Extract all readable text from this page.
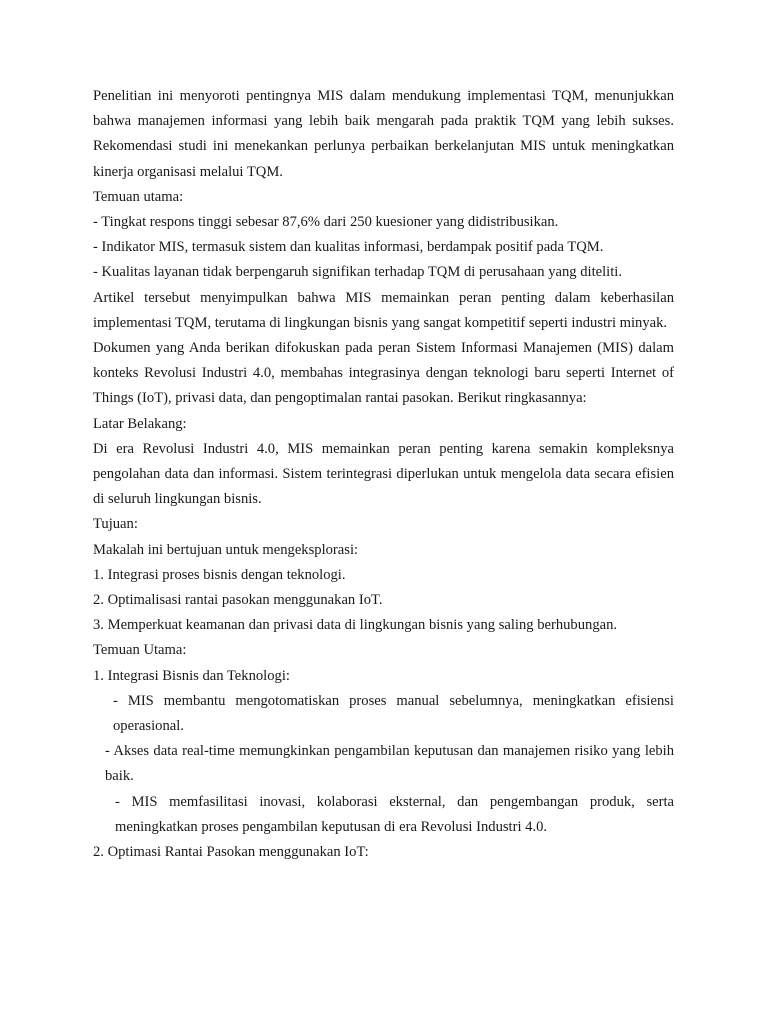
Penelitian ini menyoroti pentingnya MIS dalam mendukung implementasi TQM, menunjukkan bahwa manajemen informasi yang lebih baik mengarah pada praktik TQM yang lebih sukses. Rekomendasi studi ini menekankan perlunya perbaikan berkelanjutan MIS untuk meningkatkan kinerja organisasi melalui TQM.

Temuan utama:

- Tingkat respons tinggi sebesar 87,6% dari 250 kuesioner yang didistribusikan.

- Indikator MIS, termasuk sistem dan kualitas informasi, berdampak positif pada TQM.

- Kualitas layanan tidak berpengaruh signifikan terhadap TQM di perusahaan yang diteliti.

Artikel tersebut menyimpulkan bahwa MIS memainkan peran penting dalam keberhasilan implementasi TQM, terutama di lingkungan bisnis yang sangat kompetitif seperti industri minyak.

Dokumen yang Anda berikan difokuskan pada peran Sistem Informasi Manajemen (MIS) dalam konteks Revolusi Industri 4.0, membahas integrasinya dengan teknologi baru seperti Internet of Things (IoT), privasi data, dan pengoptimalan rantai pasokan. Berikut ringkasannya:

Latar Belakang:

Di era Revolusi Industri 4.0, MIS memainkan peran penting karena semakin kompleksnya pengolahan data dan informasi. Sistem terintegrasi diperlukan untuk mengelola data secara efisien di seluruh lingkungan bisnis.

Tujuan:

Makalah ini bertujuan untuk mengeksplorasi:

1. Integrasi proses bisnis dengan teknologi.

2. Optimalisasi rantai pasokan menggunakan IoT.

3. Memperkuat keamanan dan privasi data di lingkungan bisnis yang saling berhubungan.

Temuan Utama:

1. Integrasi Bisnis dan Teknologi:

- MIS membantu mengotomatiskan proses manual sebelumnya, meningkatkan efisiensi operasional.

- Akses data real-time memungkinkan pengambilan keputusan dan manajemen risiko yang lebih baik.

- MIS memfasilitasi inovasi, kolaborasi eksternal, dan pengembangan produk, serta meningkatkan proses pengambilan keputusan di era Revolusi Industri 4.0.

2. Optimasi Rantai Pasokan menggunakan IoT:
